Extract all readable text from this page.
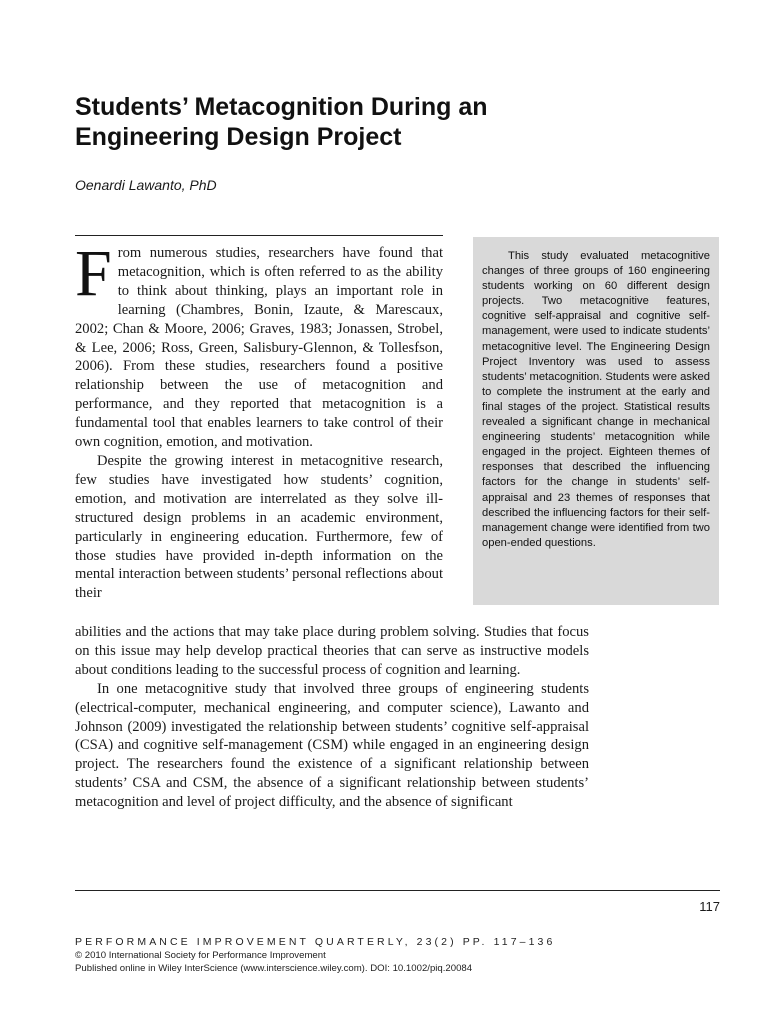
Students’ Metacognition During an
Engineering Design Project

Oenardi Lawanto, PhD

This study evaluated metacognitive changes of three groups of 160 engineering students working on 60 different design projects. Two metacognitive features, cognitive self-appraisal and cognitive self-management, were used to indicate students’ metacognitive level. The Engineering Design Project Inventory was used to assess students’ metacognition. Students were asked to complete the instrument at the early and final stages of the project. Statistical results revealed a significant change in mechanical engineering students’ metacognition while engaged in the project. Eighteen themes of responses that described the influencing factors for the change in students’ self-appraisal and 23 themes of responses that described the influencing factors for their self-management change were identified from two open-ended questions.

From numerous studies, researchers have found that metacognition, which is often referred to as the ability to think about thinking, plays an important role in learning (Chambres, Bonin, Izaute, & Marescaux, 2002; Chan & Moore, 2006; Graves, 1983; Jonassen, Strobel, & Lee, 2006; Ross, Green, Salisbury-Glennon, & Tollesfson, 2006). From these studies, researchers found a positive relationship between the use of metacognition and performance, and they reported that metacognition is a fundamental tool that enables learners to take control of their own cognition, emotion, and motivation.

Despite the growing interest in metacognitive research, few studies have investigated how students’ cognition, emotion, and motivation are interrelated as they solve ill-structured design problems in an academic environment, particularly in engineering education. Furthermore, few of those studies have provided in-depth information on the mental interaction between students’ personal reflections about their

abilities and the actions that may take place during problem solving. Studies that focus on this issue may help develop practical theories that can serve as instructive models about conditions leading to the successful process of cognition and learning.

In one metacognitive study that involved three groups of engineering students (electrical-computer, mechanical engineering, and computer science), Lawanto and Johnson (2009) investigated the relationship between students’ cognitive self-appraisal (CSA) and cognitive self-management (CSM) while engaged in an engineering design project. The researchers found the existence of a significant relationship between students’ CSA and CSM, the absence of a significant relationship between students’ metacognition and level of project difficulty, and the absence of significant

117
PERFORMANCE IMPROVEMENT QUARTERLY, 23(2) PP. 117–136
© 2010 International Society for Performance Improvement
Published online in Wiley InterScience (www.interscience.wiley.com). DOI: 10.1002/piq.20084
